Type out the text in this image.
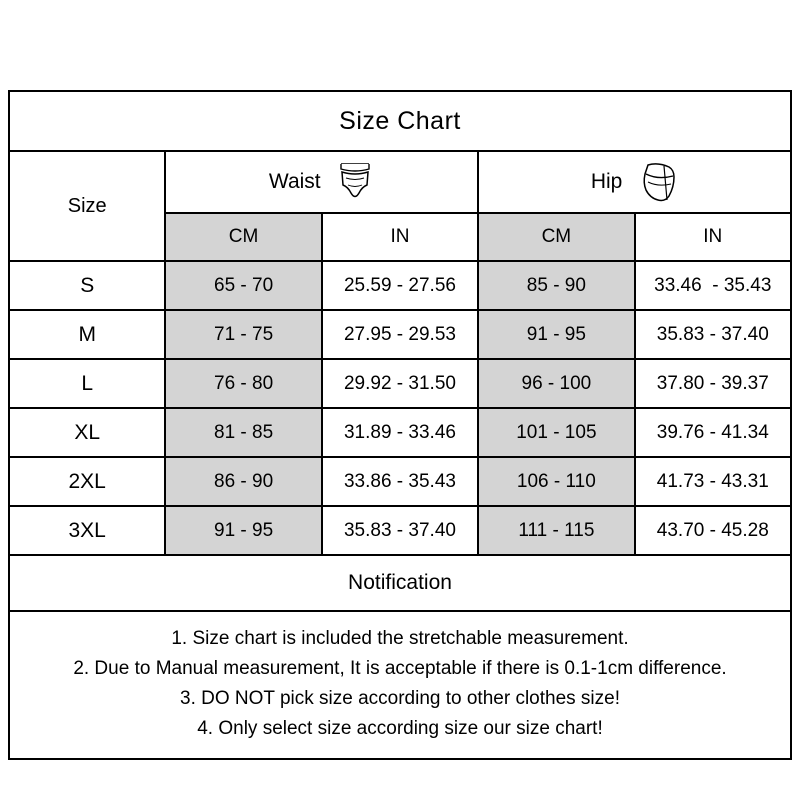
Size Chart				
Size	Waist		Hip	

	CM	IN	CM	IN
S	65 - 70	25.59 - 27.56	85 - 90	33.46  - 35.43
M	71 - 75	27.95 - 29.53	91 - 95	35.83 - 37.40
L	76 - 80	29.92 - 31.50	96 - 100	37.80 - 39.37
XL	81 - 85	31.89 - 33.46	101 - 105	39.76 - 41.34
2XL	86 - 90	33.86 - 35.43	106 - 110	41.73 - 43.31
3XL	91 - 95	35.83 - 37.40	111 - 115	43.70 - 45.28
Notification				

1. Size chart is included the stretchable measurement.
2. Due to Manual measurement, It is acceptable if there is 0.1-1cm difference.
3. DO NOT pick size according to other clothes size!
4. Only select size according size our size chart!				
